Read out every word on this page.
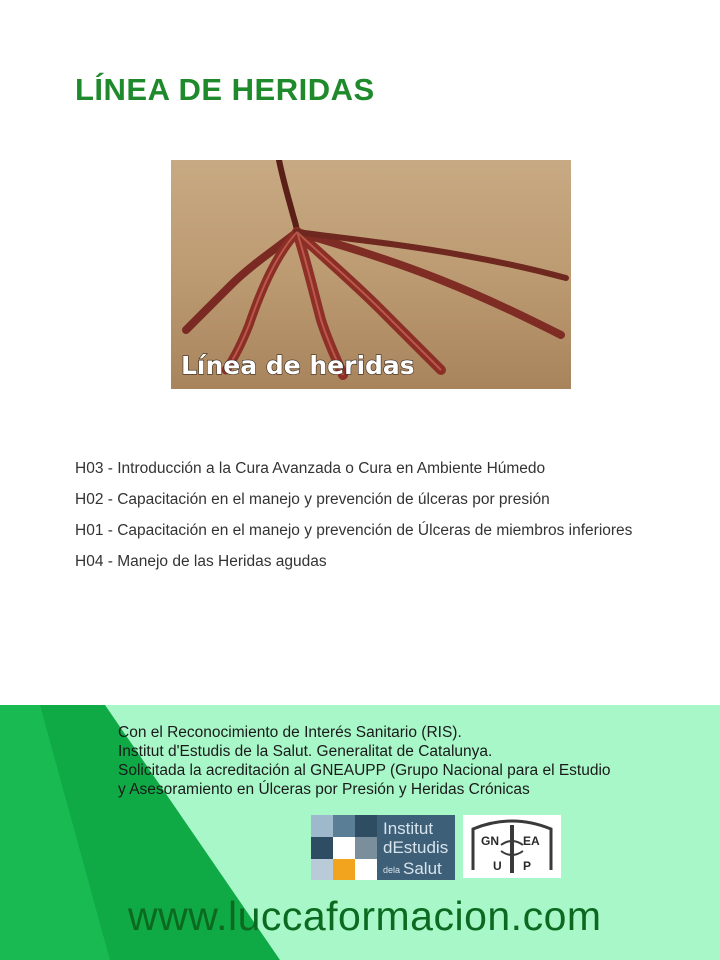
LÍNEA DE HERIDAS
Línea de heridas
H03 - Introducción a la Cura Avanzada o Cura en Ambiente Húmedo
H02 - Capacitación en el manejo y prevención de úlceras por presión
H01 - Capacitación en el manejo y prevención de Úlceras de miembros inferiores
H04 - Manejo de las Heridas agudas
Con el Reconocimiento de Interés Sanitario (RIS).
Institut d'Estudis de la Salut. Generalitat de Catalunya.
Solicitada la acreditación al GNEAUPP (Grupo Nacional para el Estudio
y Asesoramiento en Úlceras por Presión y Heridas Crónicas
Institut
dEstudis
dela Salut
GN EA
U P
www.luccaformacion.com
